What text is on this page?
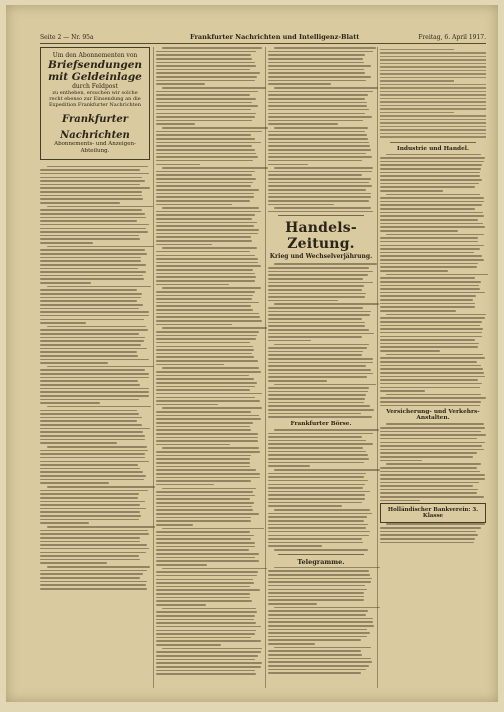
Seite 2 — Nr. 95a	Frankfurter Nachrichten und Intelligenz-Blatt	Freitag, 6. April 1917.
Um den Abonnementen von
Briefsendungen
mit Geldeinlage
durch Feldpost
zu entheben, ersuchen wir solche recht ebenso zur Einsendung an die Expedition Frankfurter Nachrichten
Frankfurter
Nachrichten
Abonnements- und Anzeigen-
Abteilung.
Handels-Zeitung.
Krieg und Wechselverjährung.
Frankfurter Börse.
Telegramme.
Industrie und Handel.
Versicherung- und Verkehrs-Anstalten.
Holländischer Bankverein: 3. Klasse
